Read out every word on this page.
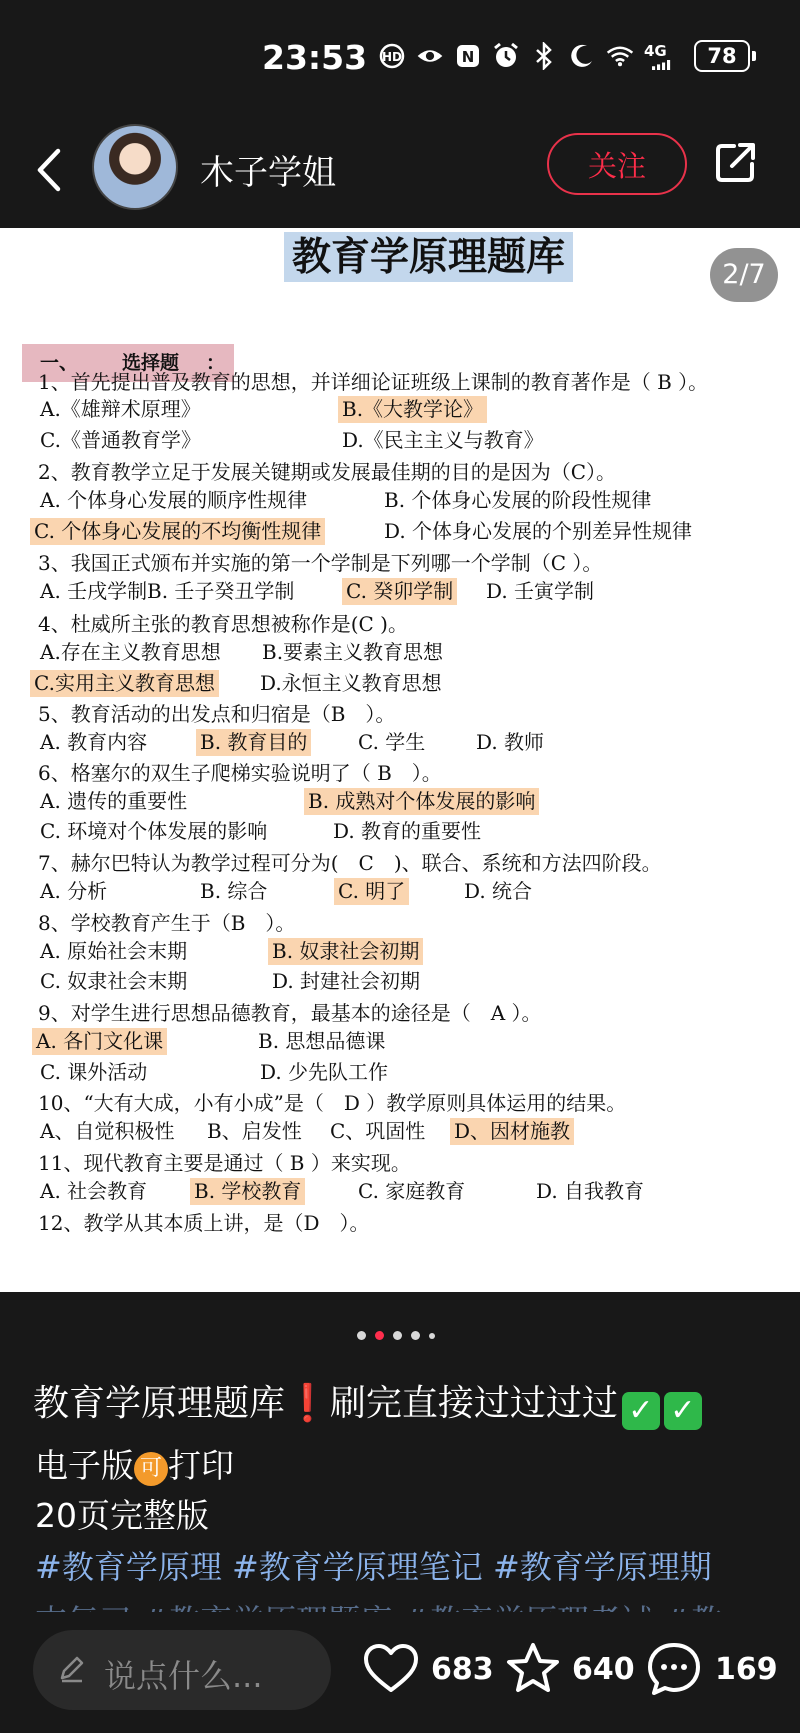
23:53 HD	N	4G	78
木子学姐	关注
教育学原理题库
一、 选择题 ：
1、首先提出普及教育的思想，并详细论证班级上课制的教育著作是（ B ）。
A.《雄辩术原理》	B.《大教学论》
C.《普通教育学》	D.《民主主义与教育》
2、教育教学立足于发展关键期或发展最佳期的目的是因为（C）。
A. 个体身心发展的顺序性规律	B. 个体身心发展的阶段性规律
C. 个体身心发展的不均衡性规律	D. 个体身心发展的个别差异性规律
3、我国正式颁布并实施的第一个学制是下列哪一个学制（C ）。
A. 壬戌学制 B. 壬子癸丑学制	C. 癸卯学制 D. 壬寅学制
4、杜威所主张的教育思想被称作是(C )。
A.存在主义教育思想 B.要素主义教育思想
C.实用主义教育思想 D.永恒主义教育思想
5、教育活动的出发点和归宿是（B　）。
A. 教育内容	B. 教育目的	C. 学生	D. 教师
6、格塞尔的双生子爬梯实验说明了（ B　）。
A. 遗传的重要性	B. 成熟对个体发展的影响
C. 环境对个体发展的影响	D. 教育的重要性
7、赫尔巴特认为教学过程可分为(　C　)、联合、系统和方法四阶段。
A. 分析	B. 综合	C. 明了	D. 统合
8、学校教育产生于（B　）。
A. 原始社会末期	B. 奴隶社会初期
C. 奴隶社会末期	D. 封建社会初期
9、对学生进行思想品德教育，最基本的途径是（　A ）。
A. 各门文化课	B. 思想品德课
C. 课外活动	D. 少先队工作
10、“大有大成，小有小成”是（　D ）教学原则具体运用的结果。
A、自觉积极性 B、启发性 C、巩固性 D、因材施教
11、现代教育主要是通过（ B ）来实现。
A. 社会教育 B. 学校教育	C. 家庭教育	D. 自我教育
12、教学从其本质上讲，是（D　）。
2/7
教育学原理题库❗刷完直接过过过过 ✓ ✓
电子版 可 打印
20页完整版
#教育学原理 #教育学原理笔记 #教育学原理期
说点什么...	683	640	169
